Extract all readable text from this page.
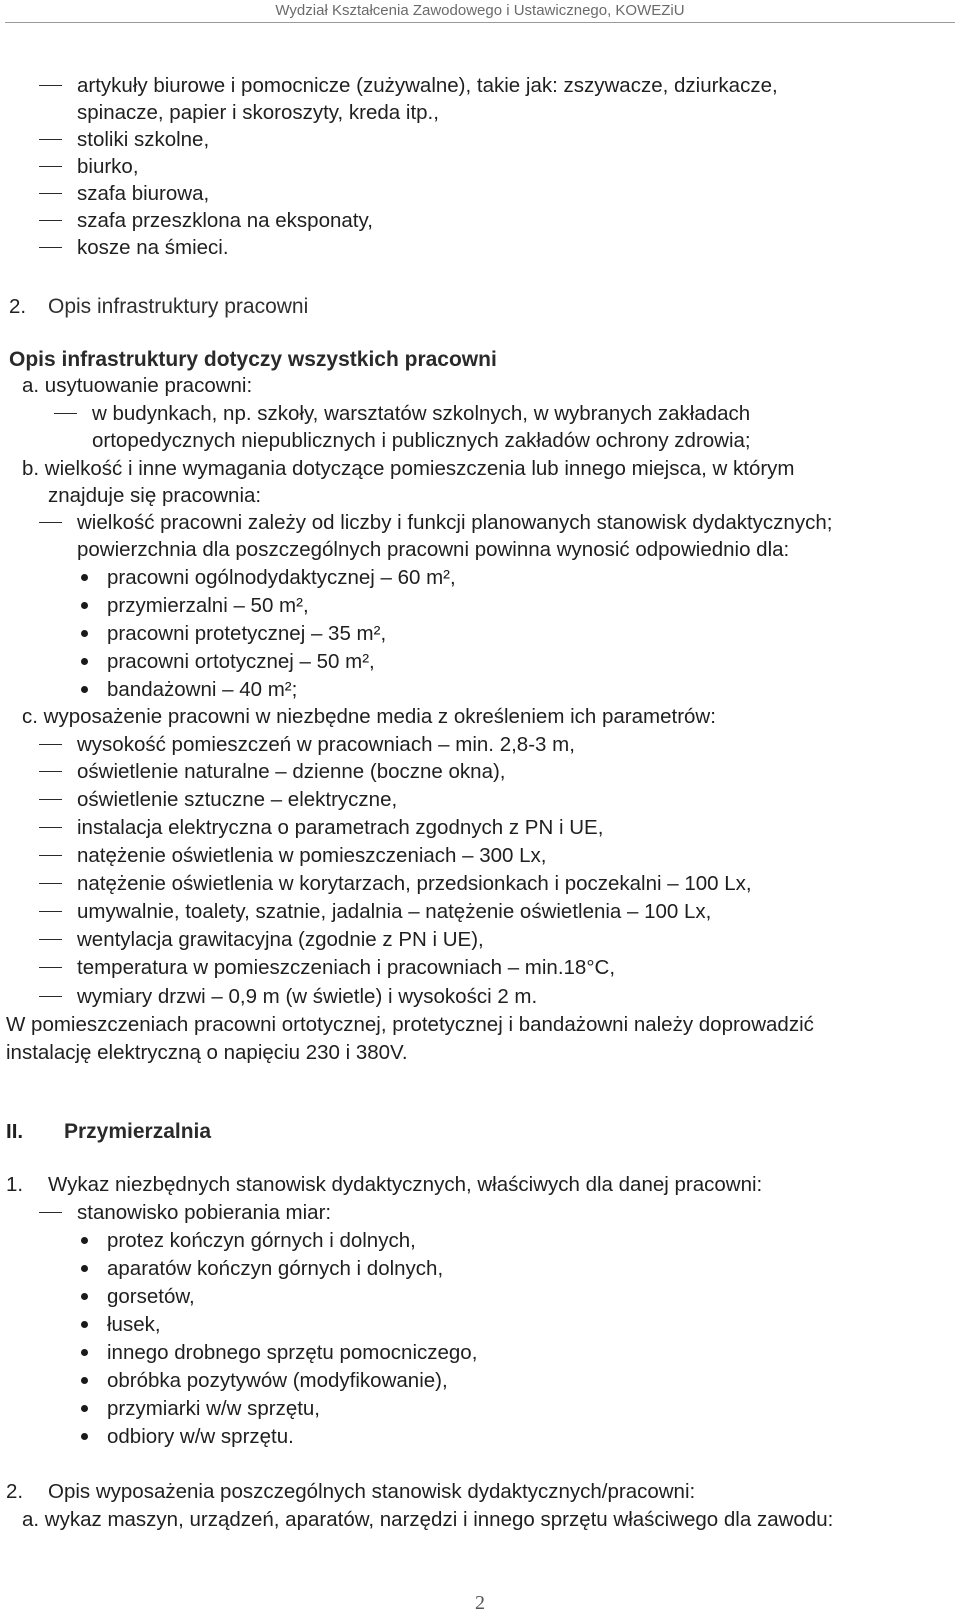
Wydział Kształcenia Zawodowego i Ustawicznego, KOWEZiU
artykuły biurowe i pomocnicze (zużywalne), takie jak: zszywacze, dziurkacze,
spinacze, papier i skoroszyty, kreda itp.,
stoliki szkolne,
biurko,
szafa biurowa,
szafa przeszklona na eksponaty,
kosze na śmieci.
2. Opis infrastruktury pracowni
Opis infrastruktury dotyczy wszystkich pracowni
a. usytuowanie pracowni:
w budynkach, np. szkoły, warsztatów szkolnych, w wybranych zakładach
ortopedycznych niepublicznych i publicznych zakładów ochrony zdrowia;
b. wielkość i inne wymagania dotyczące pomieszczenia lub innego miejsca, w którym
znajduje się pracownia:
wielkość pracowni zależy od liczby i funkcji planowanych stanowisk dydaktycznych;
powierzchnia dla poszczególnych pracowni powinna wynosić odpowiednio dla:
pracowni ogólnodydaktycznej – 60 m²,
przymierzalni – 50 m²,
pracowni protetycznej – 35 m²,
pracowni ortotycznej – 50 m²,
bandażowni – 40 m²;
c. wyposażenie pracowni w niezbędne media z określeniem ich parametrów:
wysokość pomieszczeń w pracowniach – min. 2,8-3 m,
oświetlenie naturalne – dzienne (boczne okna),
oświetlenie sztuczne – elektryczne,
instalacja elektryczna o parametrach zgodnych z PN i UE,
natężenie oświetlenia w pomieszczeniach – 300 Lx,
natężenie oświetlenia w korytarzach, przedsionkach i poczekalni – 100 Lx,
umywalnie, toalety, szatnie, jadalnia – natężenie oświetlenia – 100 Lx,
wentylacja grawitacyjna (zgodnie z PN i UE),
temperatura w pomieszczeniach i pracowniach – min.18°C,
wymiary drzwi – 0,9 m (w świetle) i wysokości 2 m.
W pomieszczeniach pracowni ortotycznej, protetycznej i bandażowni należy doprowadzić
instalację elektryczną o napięciu 230 i 380V.
II. Przymierzalnia
1. Wykaz niezbędnych stanowisk dydaktycznych, właściwych dla danej pracowni:
stanowisko pobierania miar:
protez kończyn górnych i dolnych,
aparatów kończyn górnych i dolnych,
gorsetów,
łusek,
innego drobnego sprzętu pomocniczego,
obróbka pozytywów (modyfikowanie),
przymiarki w/w sprzętu,
odbiory w/w sprzętu.
2. Opis wyposażenia poszczególnych stanowisk dydaktycznych/pracowni:
a. wykaz maszyn, urządzeń, aparatów, narzędzi i innego sprzętu właściwego dla zawodu:
2
